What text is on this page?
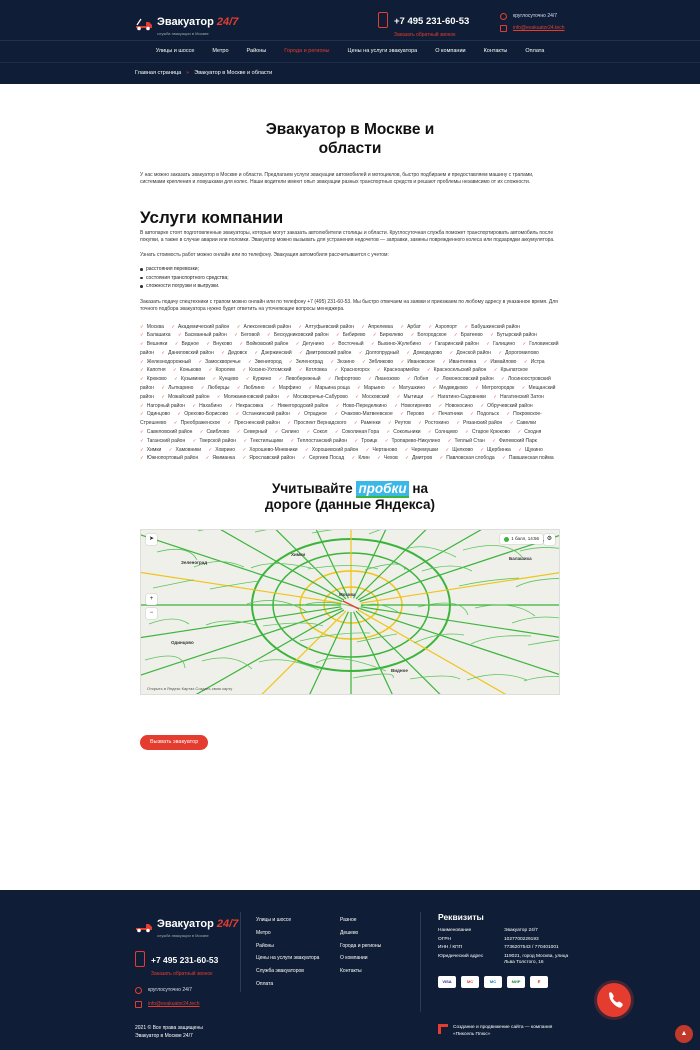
Эвакуатор 24/7
служба эвакуации в Москве
+7 495 231-60-53
Заказать обратный звонок
круглосуточно 24/7
info@evakuator24.tech
Улицы и шоссе	Метро	Районы	Города и регионы	Цены на услуги эвакуатора	О компании	Контакты	Оплата
Главная страница » Эвакуатор в Москве и области
Эвакуатор в Москве и
области

У нас можно заказать эвакуатор в Москве и области. Предлагаем услуги эвакуации автомобилей и мотоциклов, быстро подбираем и предоставляем машину с трапами, системами крепления и ловушками для колес. Наши водители имеют опыт эвакуации разных транспортных средств и решают проблемы независимо от их сложности.

Услуги компании

В автопарке стоят подготовленные эвакуаторы, которые могут заказать автолюбители столицы и области. Круглосуточная служба поможет транспортировать автомобиль после покупки, а также в случае аварии или поломки. Эвакуатор можно вызывать для устранения недочетов — заправки, замены поврежденного колеса или подзарядки аккумулятора.

Узнать стоимость работ можно онлайн или по телефону. Эвакуация автомобиля рассчитывается с учетом:

расстояния перевозки;
состояния транспортного средства;
сложности погрузки и выгрузки.

Заказать подачу спецтехники с трапом можно онлайн или по телефону +7 (495) 231-60-53. Мы быстро отвечаем на заявки и приезжаем по любому адресу в указанное время. Для точного подбора эвакуатора нужно будет ответить на уточняющие вопросы менеджера.

✓ Москва	✓ Академический район	✓ Алексеевский район	✓ Алтуфьевский район	✓ Апрелевка	✓ Арбат	✓ Аэропорт	✓ Бабушкинский район ✓ Балашиха	✓ Басманный район	✓ Беговой	✓ Бескудниковский район	✓ Бибирево	✓ Бирюлево	✓ Богородское	✓ Братеево	✓ Бутырский район ✓ Вешняки	✓ Видное	✓ Внуково	✓ Войковский район	✓ Дегунино	✓ Восточный	✓ Выхино-Жулебино	✓ Гагаринский район	✓ Галицино	✓ Головинский район	✓ Даниловский район	✓ Дедовск	✓ Дзержинский	✓ Дмитровский район	✓ Долгопрудный	✓ Домодедово	✓ Донской район	✓ Дорогомилово ✓ Железнодорожный	✓ Замоскворечье	✓ Звенигород	✓ Зеленоград	✓ Зюзино	✓ Зябликово	✓ Ивановское	✓ Ивантеевка	✓ Измайлово	✓ Истра ✓ Капотня	✓ Коньково	✓ Королев	✓ Косино-Ухтомский	✓ Котловка	✓ Красногорск	✓ Красноармейск	✓ Красносельский район	✓ Крылатское ✓ Крюково	✓ Кузьминки	✓ Кунцево	✓ Куркино	✓ Левобережный	✓ Лефортово	✓ Лианозово	✓ Лобня	✓ Ломоносовский район	✓ Лосиноостровский район	✓ Лыткарино	✓ Люберцы	✓ Люблино	✓ Марфино	✓ Марьина роща	✓ Марьино	✓ Матушкино	✓ Медведково	✓ Метрогородок	✓ Мещанский район	✓ Можайский район	✓ Молжаниновский район	✓ Москворечье-Сабурово	✓ Московский	✓ Мытищи	✓ Нагатино-Садовники	✓ Нагатинский Затон ✓ Нагорный район	✓ Нахабино	✓ Некрасовка	✓ Нижегородский район	✓ Ново-Переделкино	✓ Новогиреево	✓ Новокосино	✓ Обручевский район ✓ Одинцово	✓ Орехово-Борисово	✓ Останкинский район	✓ Отрадное	✓ Очаково-Матвеевское	✓ Перово	✓ Печатники	✓ Подольск	✓ Покровское-Стрешнево	✓ Преображенское	✓ Пресненский район	✓ Проспект Вернадского	✓ Раменки	✓ Реутов	✓ Ростокино	✓ Рязанский район	✓ Савелки ✓ Савеловский район	✓ Свиблово	✓ Северный	✓ Силино	✓ Сокол	✓ Соколиная Гора	✓ Сокольники	✓ Солнцево	✓ Старое Крюково	✓ Сходня ✓ Таганский район	✓ Тверской район	✓ Текстильщики	✓ Теплостанский район	✓ Троицк	✓ Тропарево-Никулино	✓ Теплый Стан	✓ Филевский Парк ✓ Химки	✓ Хамовники	✓ Ховрино	✓ Хорошево-Мневники	✓ Хорошевский район	✓ Чертаново	✓ Черемушки	✓ Щелково	✓ Щербинка	✓ Щукино ✓ Южнопортовый район	✓ Якиманка	✓ Ярославский район	✓ Сергиев Посад	✓ Клин	✓ Чехов	✓ Дмитров	✓ Павловская слобода	✓ Павшинская пойма
Учитывайте пробки на
дороге (данные Яндекса)
➤
+
−
⚙
1 балл, 14:56
Москва
Балашиха
Химки
Одинцово
Видное
Зеленоград
Открыть в Яндекс Картах Создать свою карту
Вызвать эвакуатор
Эвакуатор 24/7
служба эвакуации в Москве
+7 495 231-60-53
Заказать обратный звонок
круглосуточно 24/7
info@evakuator24.tech
Улицы и шоссе
Метро
Районы
Цены на услуги эвакуатора
Служба эвакуаторов
Оплата
Разное
Дешево
Города и регионы
О компании
Контакты
Реквизиты
Наименование	Эвакуатор 24/7
ОГРН	1027700229193
ИНН / КПП	7736207543 / 770401001
Юридический адрес	119021, город Москва, улица Льва Толстого, 16
VISA	MC	MC	МИР	₽
2021 © Все права защищены
Эвакуатор в Москве 24/7
Создание и продвижение сайта — компания «Пиксель Плюс»	▲
